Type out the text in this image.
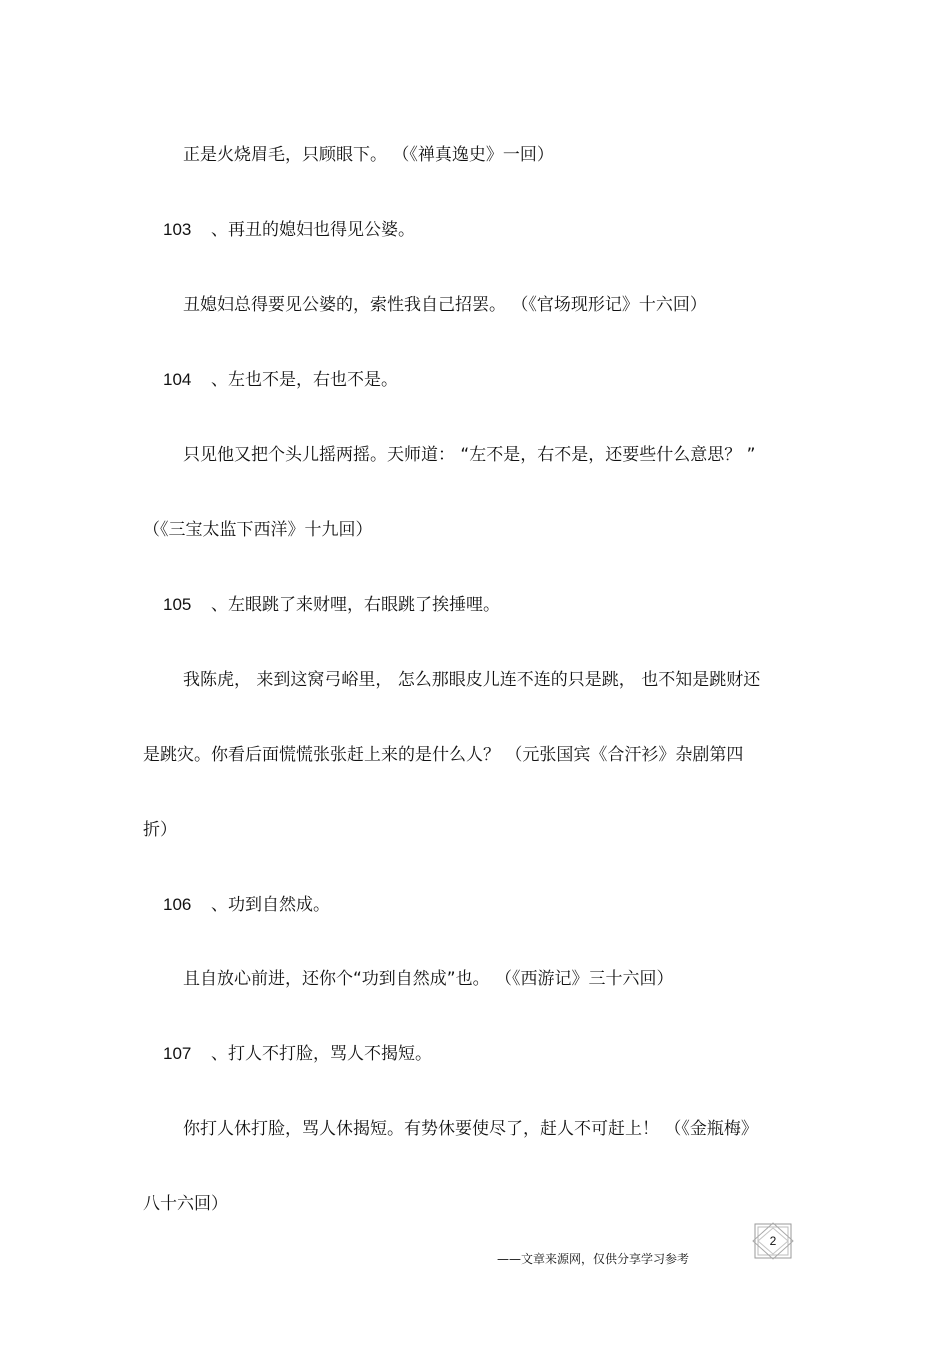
正是火烧眉毛，只顾眼下。 （《禅真逸史》一回）
103 、再丑的媳妇也得见公婆。
丑媳妇总得要见公婆的，索性我自己招罢。 （《官场现形记》十六回）
104 、左也不是，右也不是。
只见他又把个头儿摇两摇。天师道： “左不是，右不是，还要些什么意思？ ”
（《三宝太监下西洋》十九回）
105 、左眼跳了来财哩，右眼跳了挨捶哩。
我陈虎， 来到这窝弓峪里， 怎么那眼皮儿连不连的只是跳， 也不知是跳财还
是跳灾。你看后面慌慌张张赶上来的是什么人？ （元张国宾《合汗衫》杂剧第四
折）
106 、功到自然成。
且自放心前进，还你个“功到自然成”也。 （《西游记》三十六回）
107 、打人不打脸，骂人不揭短。
你打人休打脸，骂人休揭短。有势休要使尽了，赶人不可赶上！ （《金瓶梅》
八十六回）
2
——文章来源网，仅供分享学习参考
